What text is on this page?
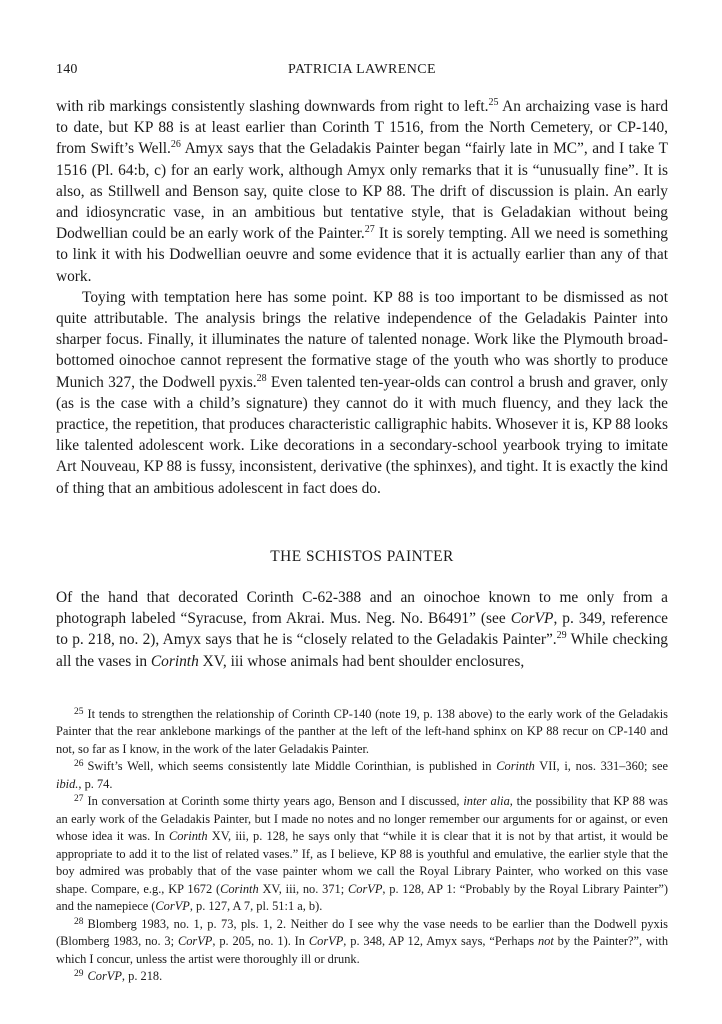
140	PATRICIA LAWRENCE

with rib markings consistently slashing downwards from right to left.$^{25}$ An archaizing vase is hard to date, but KP 88 is at least earlier than Corinth T 1516, from the North Cemetery, or CP-140, from Swift’s Well.$^{26}$ Amyx says that the Geladakis Painter began “fairly late in MC”, and I take T 1516 (Pl. 64:b, c) for an early work, although Amyx only remarks that it is “unusually fine”. It is also, as Stillwell and Benson say, quite close to KP 88. The drift of discussion is plain. An early and idiosyncratic vase, in an ambitious but tentative style, that is Geladakian without being Dodwellian could be an early work of the Painter.$^{27}$ It is sorely tempting. All we need is something to link it with his Dodwellian oeuvre and some evidence that it is actually earlier than any of that work.

Toying with temptation here has some point. KP 88 is too important to be dismissed as not quite attributable. The analysis brings the relative independence of the Geladakis Painter into sharper focus. Finally, it illuminates the nature of talented nonage. Work like the Plymouth broad-bottomed oinochoe cannot represent the formative stage of the youth who was shortly to produce Munich 327, the Dodwell pyxis.$^{28}$ Even talented ten-year-olds can control a brush and graver, only (as is the case with a child’s signature) they cannot do it with much fluency, and they lack the practice, the repetition, that produces characteristic calligraphic habits. Whosever it is, KP 88 looks like talented adolescent work. Like decorations in a secondary-school yearbook trying to imitate Art Nouveau, KP 88 is fussy, inconsistent, derivative (the sphinxes), and tight. It is exactly the kind of thing that an ambitious adolescent in fact does do.

THE SCHISTOS PAINTER

Of the hand that decorated Corinth C-62-388 and an oinochoe known to me only from a photograph labeled “Syracuse, from Akrai. Mus. Neg. No. B6491” (see CorVP, p. 349, reference to p. 218, no. 2), Amyx says that he is “closely related to the Geladakis Painter”.$^{29}$ While checking all the vases in Corinth XV, iii whose animals had bent shoulder enclosures,

$^{25}$ It tends to strengthen the relationship of Corinth CP-140 (note 19, p. 138 above) to the early work of the Geladakis Painter that the rear anklebone markings of the panther at the left of the left-hand sphinx on KP 88 recur on CP-140 and not, so far as I know, in the work of the later Geladakis Painter.

$^{26}$ Swift’s Well, which seems consistently late Middle Corinthian, is published in Corinth VII, i, nos. 331–360; see ibid., p. 74.

$^{27}$ In conversation at Corinth some thirty years ago, Benson and I discussed, inter alia, the possibility that KP 88 was an early work of the Geladakis Painter, but I made no notes and no longer remember our arguments for or against, or even whose idea it was. In Corinth XV, iii, p. 128, he says only that “while it is clear that it is not by that artist, it would be appropriate to add it to the list of related vases.” If, as I believe, KP 88 is youthful and emulative, the earlier style that the boy admired was probably that of the vase painter whom we call the Royal Library Painter, who worked on this vase shape. Compare, e.g., KP 1672 (Corinth XV, iii, no. 371; CorVP, p. 128, AP 1: “Probably by the Royal Library Painter”) and the namepiece (CorVP, p. 127, A 7, pl. 51:1 a, b).

$^{28}$ Blomberg 1983, no. 1, p. 73, pls. 1, 2. Neither do I see why the vase needs to be earlier than the Dodwell pyxis (Blomberg 1983, no. 3; CorVP, p. 205, no. 1). In CorVP, p. 348, AP 12, Amyx says, “Perhaps not by the Painter?”, with which I concur, unless the artist were thoroughly ill or drunk.

$^{29}$ CorVP, p. 218.
